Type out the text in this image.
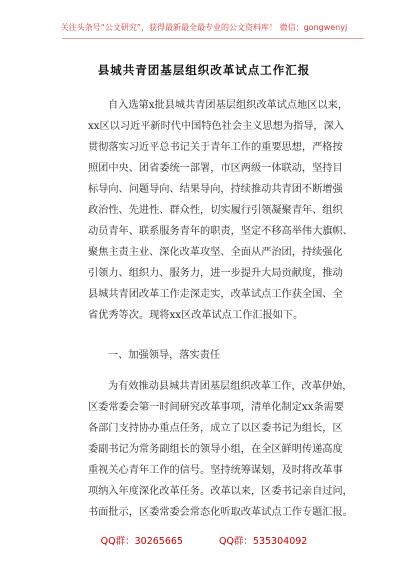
关注头条号“公文研究”，获得最新最全最专业的公文资料库！ 微信：gongwenyj
县城共青团基层组织改革试点工作汇报
自入选第x批县城共青团基层组织改革试点地区以来，
xx区以习近平新时代中国特色社会主义思想为指导，深入
贯彻落实习近平总书记关于青年工作的重要思想，严格按
照团中央、团省委统一部署，市区两级一体联动，坚持目
标导向、问题导向、结果导向，持续推动共青团不断增强
政治性、先进性、群众性，切实履行引领凝聚青年、组织
动员青年、联系服务青年的职责，坚定不移高举伟大旗帜、
聚焦主责主业、深化改革攻坚、全面从严治团，持续强化
引领力、组织力、服务力，进一步提升大局贡献度，推动
县城共青团改革工作走深走实，改革试点工作获全国、全
省优秀等次。现将xx区改革试点工作汇报如下。
一、加强领导，落实责任
为有效推动县城共青团基层组织改革工作，改革伊始，
区委常委会第一时间研究改革事项，清单化制定xx条需要
各部门支持协办重点任务，成立了以区委书记为组长，区
委副书记为常务副组长的领导小组，在全区鲜明传递高度
重视关心青年工作的信号。坚持统筹谋划，及时将改革事
项纳入年度深化改革任务。改革以来，区委书记亲自过问，
书面批示，区委常委会常态化听取改革试点工作专题汇报。
QQ群：30265665	QQ群：535304092
